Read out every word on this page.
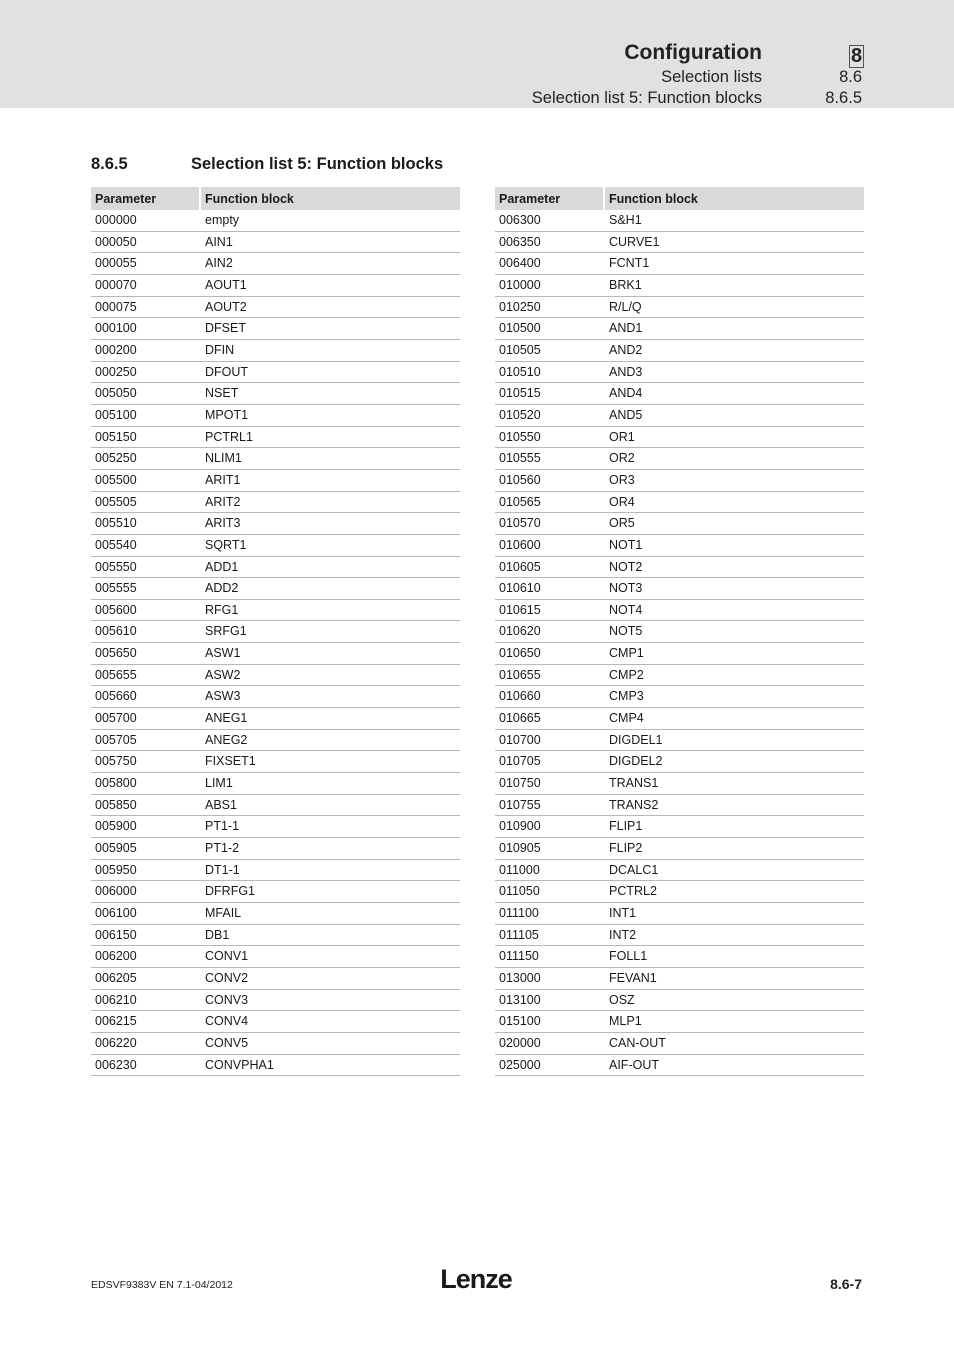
Configuration	8
Selection lists	8.6
Selection list 5: Function blocks	8.6.5
8.6.5	Selection list 5: Function blocks
Parameter	Function block
000000	empty
000050	AIN1
000055	AIN2
000070	AOUT1
000075	AOUT2
000100	DFSET
000200	DFIN
000250	DFOUT
005050	NSET
005100	MPOT1
005150	PCTRL1
005250	NLIM1
005500	ARIT1
005505	ARIT2
005510	ARIT3
005540	SQRT1
005550	ADD1
005555	ADD2
005600	RFG1
005610	SRFG1
005650	ASW1
005655	ASW2
005660	ASW3
005700	ANEG1
005705	ANEG2
005750	FIXSET1
005800	LIM1
005850	ABS1
005900	PT1-1
005905	PT1-2
005950	DT1-1
006000	DFRFG1
006100	MFAIL
006150	DB1
006200	CONV1
006205	CONV2
006210	CONV3
006215	CONV4
006220	CONV5
006230	CONVPHA1
Parameter	Function block
006300	S&H1
006350	CURVE1
006400	FCNT1
010000	BRK1
010250	R/L/Q
010500	AND1
010505	AND2
010510	AND3
010515	AND4
010520	AND5
010550	OR1
010555	OR2
010560	OR3
010565	OR4
010570	OR5
010600	NOT1
010605	NOT2
010610	NOT3
010615	NOT4
010620	NOT5
010650	CMP1
010655	CMP2
010660	CMP3
010665	CMP4
010700	DIGDEL1
010705	DIGDEL2
010750	TRANS1
010755	TRANS2
010900	FLIP1
010905	FLIP2
011000	DCALC1
011050	PCTRL2
011100	INT1
011105	INT2
011150	FOLL1
013000	FEVAN1
013100	OSZ
015100	MLP1
020000	CAN-OUT
025000	AIF-OUT
EDSVF9383V EN 7.1-04/2012	Lenze	8.6-7
